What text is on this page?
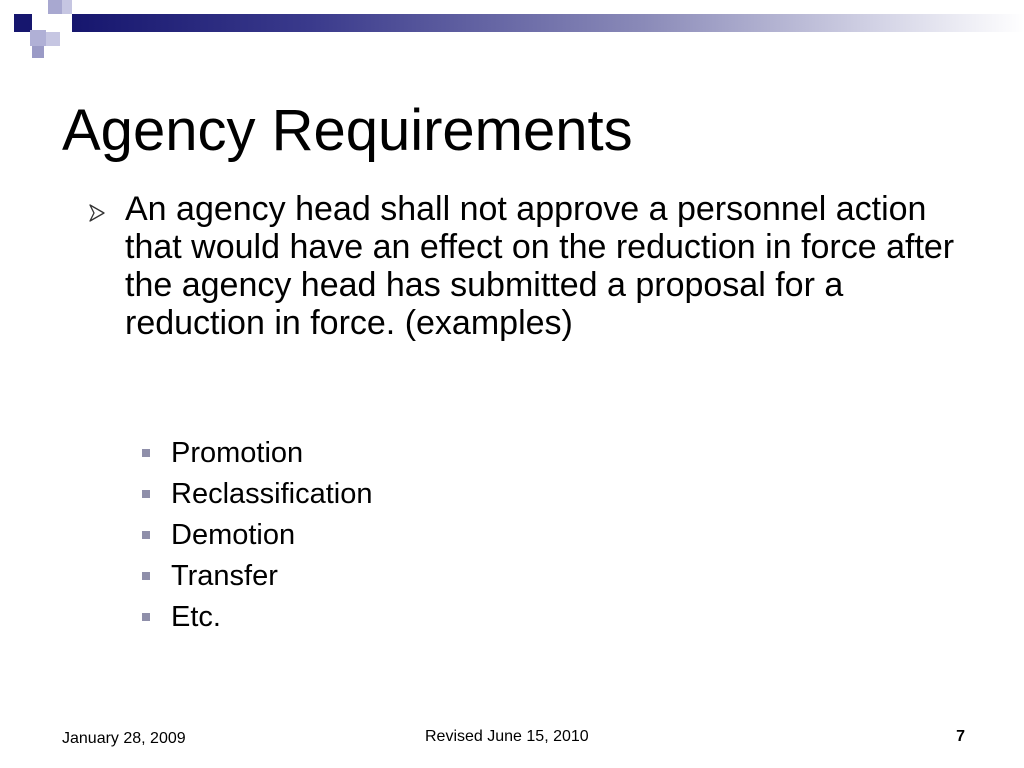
Agency Requirements

An agency head shall not approve a personnel action that would have an effect on the reduction in force after the agency head has submitted a proposal for a reduction in force. (examples)

Promotion
Reclassification
Demotion
Transfer
Etc.
January 28, 2009	Revised June 15, 2010	7
